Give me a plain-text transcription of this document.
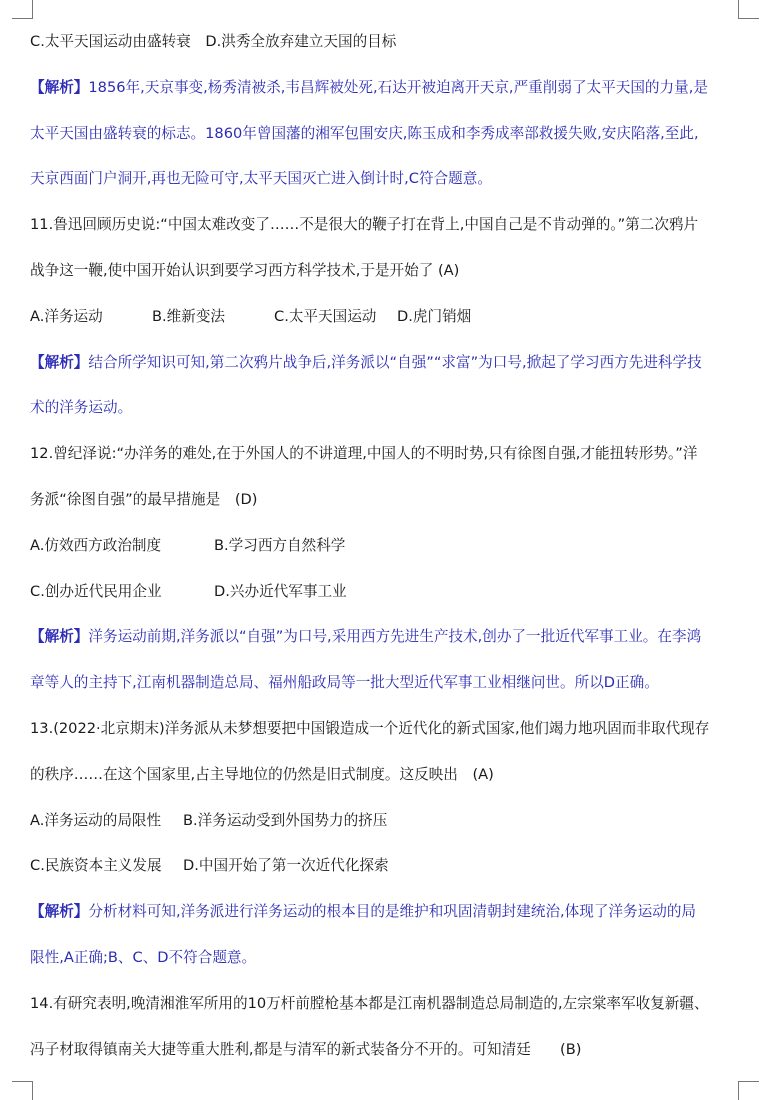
C.太平天国运动由盛转衰　D.洪秀全放弃建立天国的目标
【解析】1856年,天京事变,杨秀清被杀,韦昌辉被处死,石达开被迫离开天京,严重削弱了太平天国的力量,是
太平天国由盛转衰的标志。1860年曾国藩的湘军包围安庆,陈玉成和李秀成率部救援失败,安庆陷落,至此,
天京西面门户洞开,再也无险可守,太平天国灭亡进入倒计时,C符合题意。
11.鲁迅回顾历史说:“中国太难改变了……不是很大的鞭子打在背上,中国自己是不肯动弹的。”第二次鸦片
战争这一鞭,使中国开始认识到要学习西方科学技术,于是开始了 (A)
A.洋务运动	B.维新变法	C.太平天国运动 D.虎门销烟
【解析】结合所学知识可知,第二次鸦片战争后,洋务派以“自强”“求富”为口号,掀起了学习西方先进科学技
术的洋务运动。
12.曾纪泽说:“办洋务的难处,在于外国人的不讲道理,中国人的不明时势,只有徐图自强,才能扭转形势。”洋
务派“徐图自强”的最早措施是　(D)
A.仿效西方政治制度	B.学习西方自然科学
C.创办近代民用企业	D.兴办近代军事工业
【解析】洋务运动前期,洋务派以“自强”为口号,采用西方先进生产技术,创办了一批近代军事工业。在李鸿
章等人的主持下,江南机器制造总局、福州船政局等一批大型近代军事工业相继问世。所以D正确。
13.(2022·北京期末)洋务派从未梦想要把中国锻造成一个近代化的新式国家,他们竭力地巩固而非取代现存
的秩序……在这个国家里,占主导地位的仍然是旧式制度。这反映出　(A)
A.洋务运动的局限性 B.洋务运动受到外国势力的挤压
C.民族资本主义发展 D.中国开始了第一次近代化探索
【解析】分析材料可知,洋务派进行洋务运动的根本目的是维护和巩固清朝封建统治,体现了洋务运动的局
限性,A正确;B、C、D不符合题意。
14.有研究表明,晚清湘淮军所用的10万杆前膛枪基本都是江南机器制造总局制造的,左宗棠率军收复新疆、
冯子材取得镇南关大捷等重大胜利,都是与清军的新式装备分不开的。可知清廷　　(B)
